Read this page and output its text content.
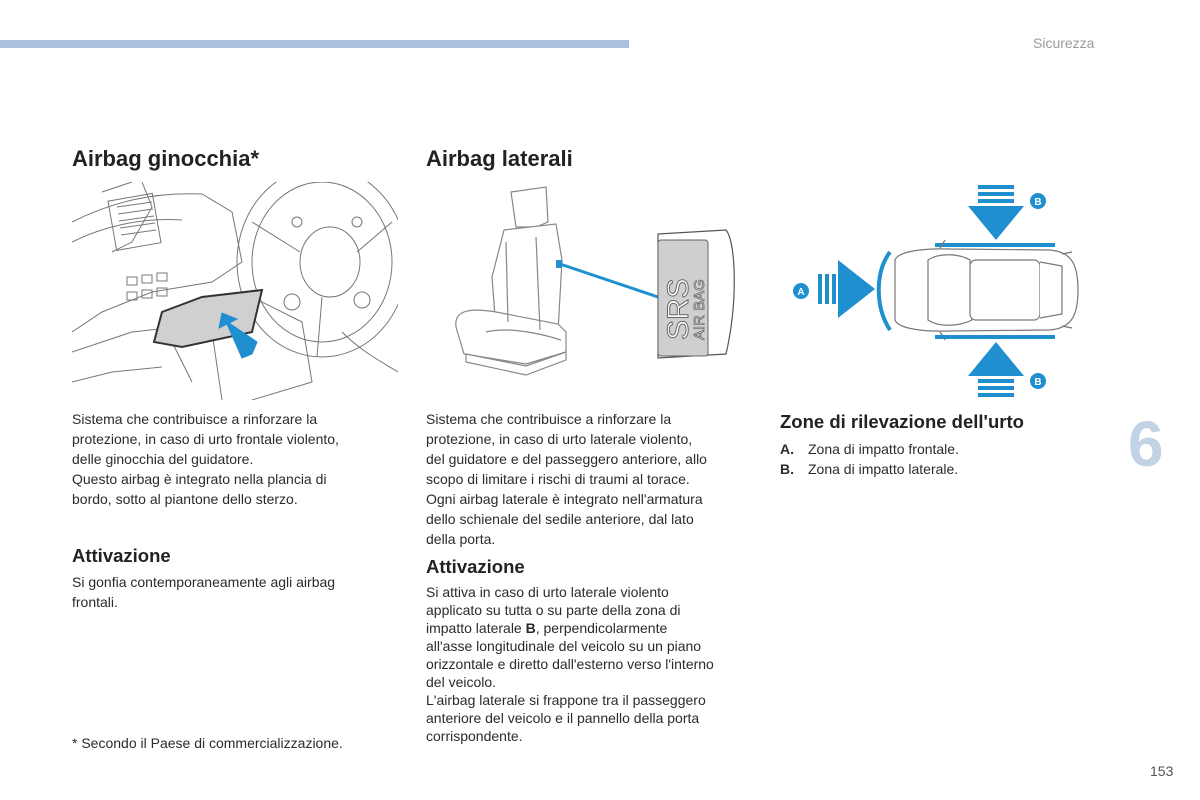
Sicurezza
6
153
Airbag ginocchia*

Sistema che contribuisce a rinforzare la
protezione, in caso di urto frontale violento,
delle ginocchia del guidatore.
Questo airbag è integrato nella plancia di
bordo, sotto al piantone dello sterzo.

Attivazione

Si gonfia contemporaneamente agli airbag
frontali.

* Secondo il Paese di commercializzazione.
Airbag laterali
SRS
AIR BAG

Sistema che contribuisce a rinforzare la
protezione, in caso di urto laterale violento,
del guidatore e del passeggero anteriore, allo
scopo di limitare i rischi di traumi al torace.
Ogni airbag laterale è integrato nell'armatura
dello schienale del sedile anteriore, dal lato
della porta.

Attivazione

Si attiva in caso di urto laterale violento
applicato su tutta o su parte della zona di
impatto laterale B, perpendicolarmente
all'asse longitudinale del veicolo su un piano
orizzontale e diretto dall'esterno verso l'interno
del veicolo.
L'airbag laterale si frappone tra il passeggero
anteriore del veicolo e il pannello della porta
corrispondente.

B
A
B
Zone di rilevazione dell'urto
A.	Zona di impatto frontale.
B.	Zona di impatto laterale.
